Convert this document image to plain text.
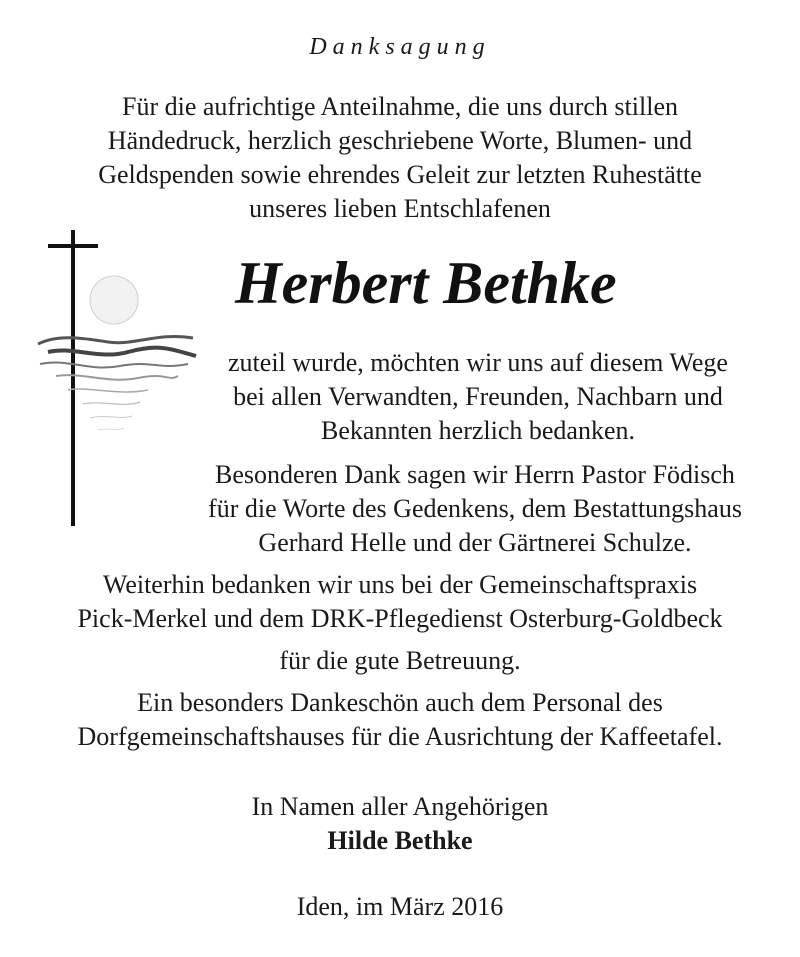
Danksagung
Für die aufrichtige Anteilnahme, die uns durch stillen
Händedruck, herzlich geschriebene Worte, Blumen- und
Geldspenden sowie ehrendes Geleit zur letzten Ruhestätte
unseres lieben Entschlafenen
Herbert Bethke
zuteil wurde, möchten wir uns auf diesem Wege
bei allen Verwandten, Freunden, Nachbarn und
Bekannten herzlich bedanken.
Besonderen Dank sagen wir Herrn Pastor Födisch
für die Worte des Gedenkens, dem Bestattungshaus
Gerhard Helle und der Gärtnerei Schulze.
Weiterhin bedanken wir uns bei der Gemeinschaftspraxis
Pick-Merkel und dem DRK-Pflegedienst Osterburg-Goldbeck
für die gute Betreuung.
Ein besonders Dankeschön auch dem Personal des
Dorfgemeinschaftshauses für die Ausrichtung der Kaffeetafel.
In Namen aller Angehörigen
Hilde Bethke
Iden, im März 2016
